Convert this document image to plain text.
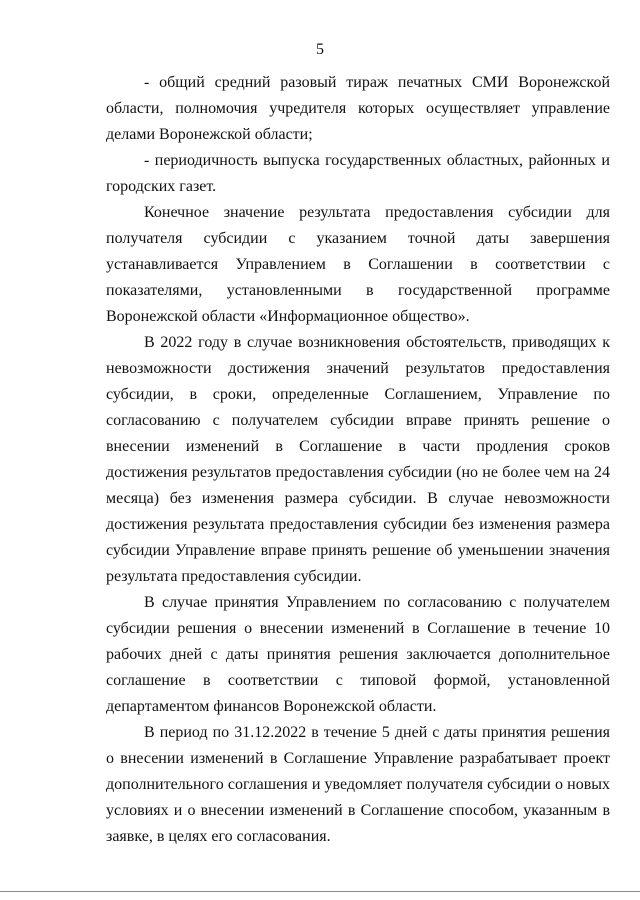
5

- общий средний разовый тираж печатных СМИ Воронежской области, полномочия учредителя которых осуществляет управление делами Воронежской области;

- периодичность выпуска государственных областных, районных и городских газет.

Конечное значение результата предоставления субсидии для получателя субсидии с указанием точной даты завершения устанавливается Управлением в Соглашении в соответствии с показателями, установленными в государственной программе Воронежской области «Информационное общество».

В 2022 году в случае возникновения обстоятельств, приводящих к невозможности достижения значений результатов предоставления субсидии, в сроки, определенные Соглашением, Управление по согласованию с получателем субсидии вправе принять решение о внесении изменений в Соглашение в части продления сроков достижения результатов предоставления субсидии (но не более чем на 24 месяца) без изменения размера субсидии. В случае невозможности достижения результата предоставления субсидии без изменения размера субсидии Управление вправе принять решение об уменьшении значения результата предоставления субсидии.

В случае принятия Управлением по согласованию с получателем субсидии решения о внесении изменений в Соглашение в течение 10 рабочих дней с даты принятия решения заключается дополнительное соглашение в соответствии с типовой формой, установленной департаментом финансов Воронежской области.

В период по 31.12.2022 в течение 5 дней с даты принятия решения о внесении изменений в Соглашение Управление разрабатывает проект дополнительного соглашения и уведомляет получателя субсидии о новых условиях и о внесении изменений в Соглашение способом, указанным в заявке, в целях его согласования.
